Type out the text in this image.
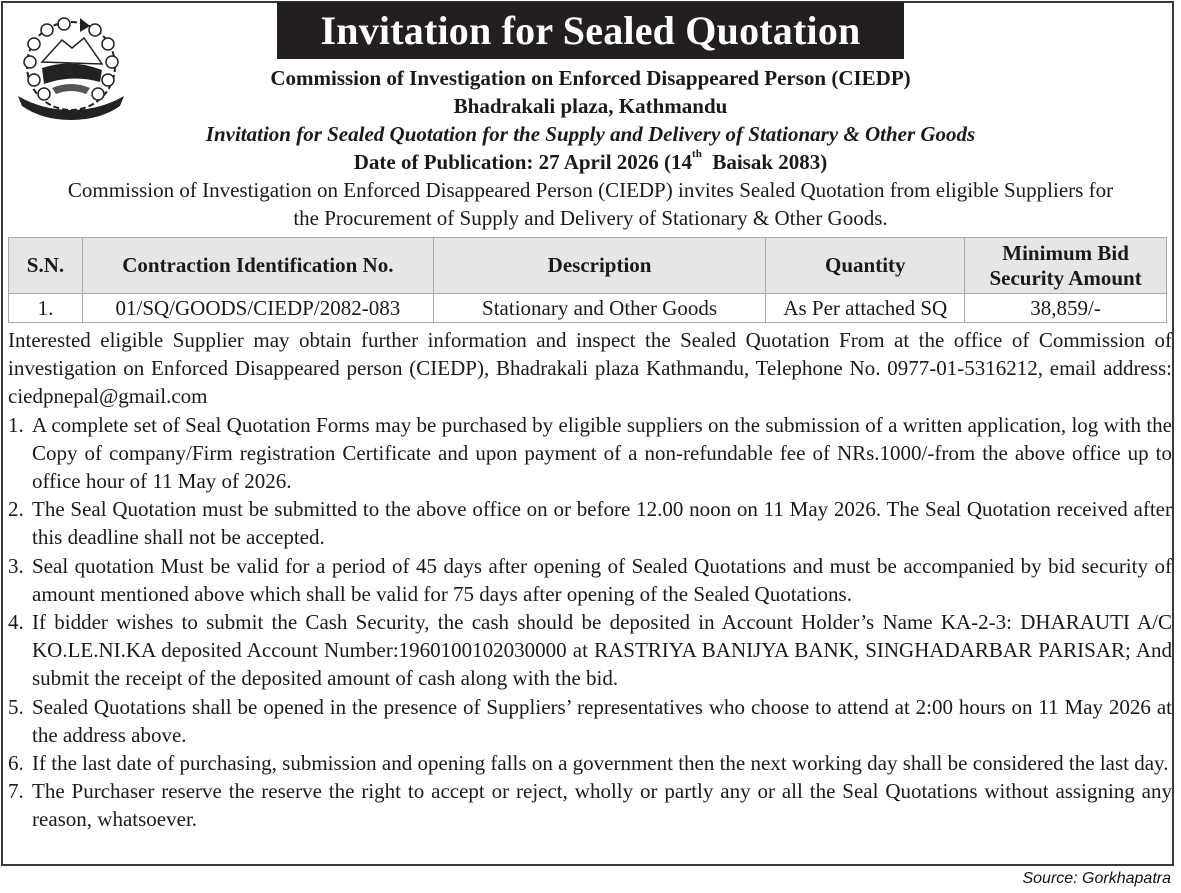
Invitation for Sealed Quotation
Commission of Investigation on Enforced Disappeared Person (CIEDP)
Bhadrakali plaza, Kathmandu
Invitation for Sealed Quotation for the Supply and Delivery of Stationary & Other Goods
Date of Publication: 27 April 2026 (14th  Baisak 2083)
Commission of Investigation on Enforced Disappeared Person (CIEDP) invites Sealed Quotation from eligible Suppliers for
the Procurement of Supply and Delivery of Stationary & Other Goods.
S.N.	Contraction Identification No.	Description	Quantity	Minimum Bid
Security Amount

1.	01/SQ/GOODS/CIEDP/2082-083	Stationary and Other Goods	As Per attached SQ	38,859/-

Interested eligible Supplier may obtain further information and inspect the Sealed Quotation From at the office of Commission of investigation on Enforced Disappeared person (CIEDP), Bhadrakali plaza Kathmandu, Telephone No. 0977-01-5316212, email address: ciedpnepal@gmail.com

1. A complete set of Seal Quotation Forms may be purchased by eligible suppliers on the submission of a written application, log with the Copy of company/Firm registration Certificate and upon payment of a non-refundable fee of NRs.1000/-from the above office up to office hour of 11 May of 2026.
2. The Seal Quotation must be submitted to the above office on or before 12.00 noon on 11 May 2026. The Seal Quotation received after this deadline shall not be accepted.
3. Seal quotation Must be valid for a period of 45 days after opening of Sealed Quotations and must be accompanied by bid security of amount mentioned above which shall be valid for 75 days after opening of the Sealed Quotations.
4. If bidder wishes to submit the Cash Security, the cash should be deposited in Account Holder’s Name KA-2-3: DHARAUTI A/C KO.LE.NI.KA deposited Account Number:1960100102030000 at RASTRIYA BANIJYA BANK, SINGHADARBAR PARISAR; And submit the receipt of the deposited amount of cash along with the bid.
5. Sealed Quotations shall be opened in the presence of Suppliers’ representatives who choose to attend at 2:00 hours on 11 May 2026 at the address above.
6. If the last date of purchasing, submission and opening falls on a government then the next working day shall be considered the last day.
7. The Purchaser reserve the reserve the right to accept or reject, wholly or partly any or all the Seal Quotations without assigning any reason, whatsoever.
Source: Gorkhapatra
